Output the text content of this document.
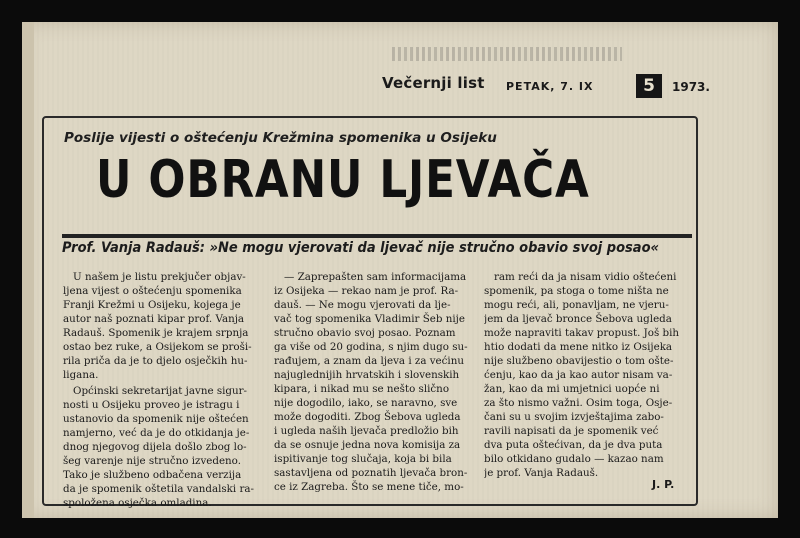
Večernji list PETAK, 7. IX	5	1973.
Poslije vijesti o oštećenju Krežmina spomenika u Osijeku
U OBRANU LJEVAČA
Prof. Vanja Radauš: »Ne mogu vjerovati da ljevač nije stručno obavio svoj posao«

U našem je listu prekjučer objav-
ljena vijest o oštećenju spomenika
Franji Krežmi u Osijeku, kojega je
autor naš poznati kipar prof. Vanja
Radauš. Spomenik je krajem srpnja
ostao bez ruke, a Osijekom se proši-
rila priča da je to djelo osječkih hu-
ligana.

Općinski sekretarijat javne sigur-
nosti u Osijeku proveo je istragu i
ustanovio da spomenik nije oštećen
namjerno, već da je do otkidanja je-
dnog njegovog dijela došlo zbog lo-
šeg varenje nije stručno izvedeno.
Tako je službeno odbačena verzija
da je spomenik oštetila vandalski ra-
spoložena osječka omladina.

— Zaprepašten sam informacijama
iz Osijeka — rekao nam je prof. Ra-
dauš. — Ne mogu vjerovati da lje-
vač tog spomenika Vladimir Šeb nije
stručno obavio svoj posao. Poznam
ga više od 20 godina, s njim dugo su-
rađujem, a znam da ljeva i za većinu
najuglednijih hrvatskih i slovenskih
kipara, i nikad mu se nešto slično
nije dogodilo, iako, se naravno, sve
može dogoditi. Zbog Šebova ugleda
i ugleda naših ljevača predložio bih
da se osnuje jedna nova komisija za
ispitivanje tog slučaja, koja bi bila
sastavljena od poznatih ljevača bron-
ce iz Zagreba. Što se mene tiče, mo-

ram reći da ja nisam vidio oštećeni
spomenik, pa stoga o tome ništa ne
mogu reći, ali, ponavljam, ne vjeru-
jem da ljevač bronce Šebova ugleda
može napraviti takav propust. Još bih
htio dodati da mene nitko iz Osijeka
nije službeno obavijestio o tom ošte-
ćenju, kao da ja kao autor nisam va-
žan, kao da mi umjetnici uopće ni
za što nismo važni. Osim toga, Osje-
čani su u svojim izvještajima zabo-
ravili napisati da je spomenik već
dva puta oštećivan, da je dva puta
bilo otkidano gudalo — kazao nam
je prof. Vanja Radauš.

J. P.
